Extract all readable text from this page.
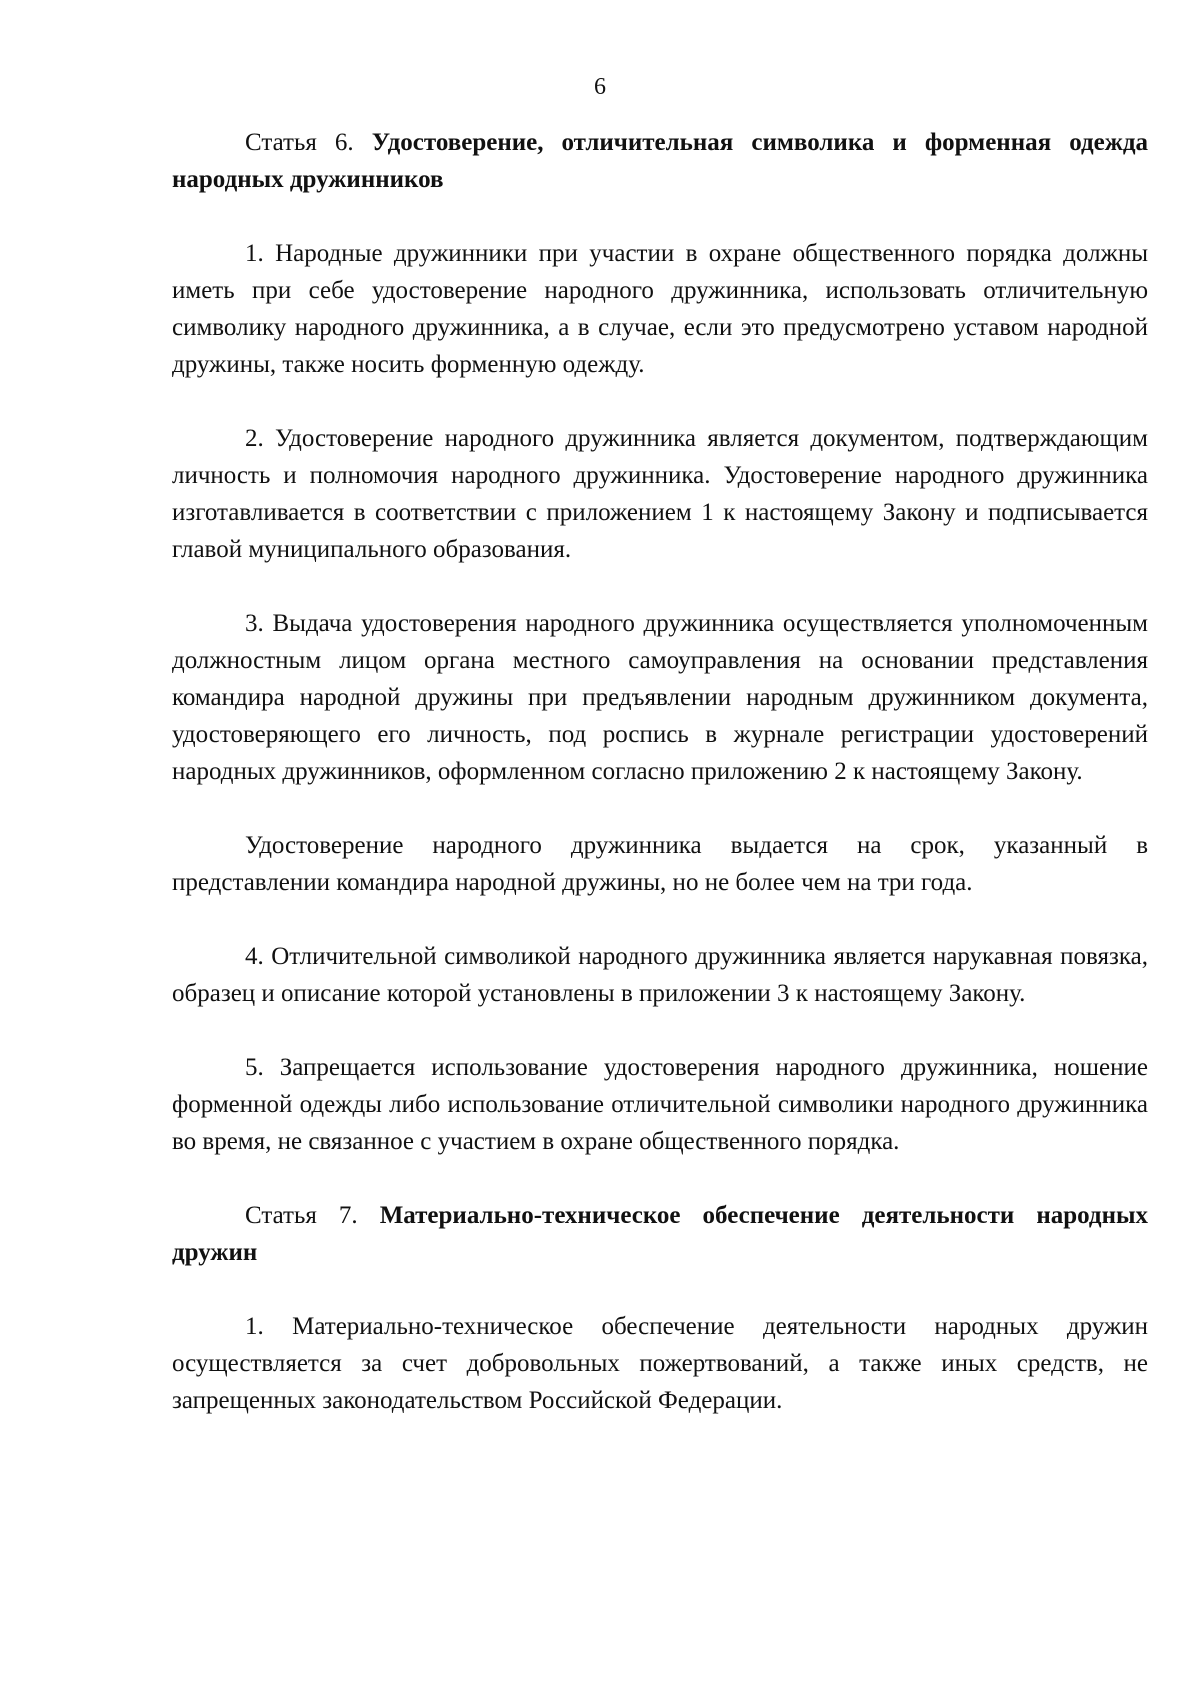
6

Статья 6. Удостоверение, отличительная символика и форменная одежда народных дружинников

1. Народные дружинники при участии в охране общественного порядка должны иметь при себе удостоверение народного дружинника, использовать отличительную символику народного дружинника, а в случае, если это предусмотрено уставом народной дружины, также носить форменную одежду.

2. Удостоверение народного дружинника является документом, подтверждающим личность и полномочия народного дружинника. Удостоверение народного дружинника изготавливается в соответствии с приложением 1 к настоящему Закону и подписывается главой муниципального образования.

3. Выдача удостоверения народного дружинника осуществляется уполномоченным должностным лицом органа местного самоуправления на основании представления командира народной дружины при предъявлении народным дружинником документа, удостоверяющего его личность, под роспись в журнале регистрации удостоверений народных дружинников, оформленном согласно приложению 2 к настоящему Закону.

Удостоверение народного дружинника выдается на срок, указанный в представлении командира народной дружины, но не более чем на три года.

4. Отличительной символикой народного дружинника является нарукавная повязка, образец и описание которой установлены в приложении 3 к настоящему Закону.

5. Запрещается использование удостоверения народного дружинника, ношение форменной одежды либо использование отличительной символики народного дружинника во время, не связанное с участием в охране общественного порядка.

Статья 7. Материально-техническое обеспечение деятельности народных дружин

1. Материально-техническое обеспечение деятельности народных дружин осуществляется за счет добровольных пожертвований, а также иных средств, не запрещенных законодательством Российской Федерации.
